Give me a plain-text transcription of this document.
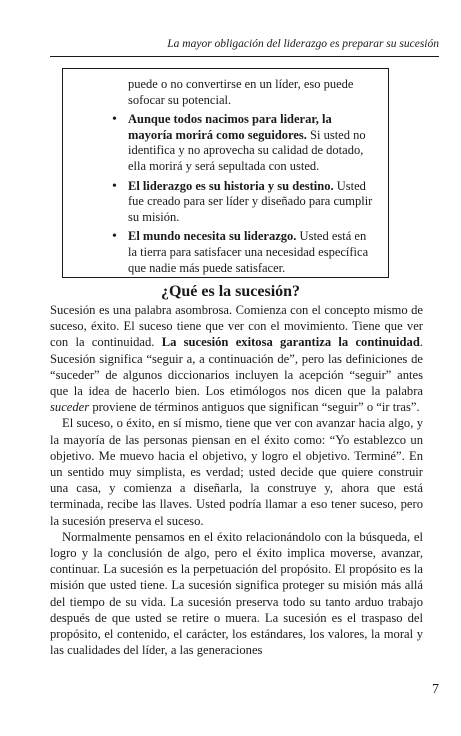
La mayor obligación del liderazgo es preparar su sucesión

puede o no convertirse en un líder, eso puede sofocar su potencial.

• Aunque todos nacimos para liderar, la mayoría morirá como seguidores. Si usted no identifica y no aprovecha su calidad de dotado, ella morirá y será sepultada con usted.
• El liderazgo es su historia y su destino. Usted fue creado para ser líder y diseñado para cumplir su misión.
• El mundo necesita su liderazgo. Usted está en la tierra para satisfacer una necesidad específica que nadie más puede satisfacer.
¿Qué es la sucesión?

Sucesión es una palabra asombrosa. Comienza con el concepto mismo de suceso, éxito. El suceso tiene que ver con el movimiento. Tiene que ver con la continuidad. La sucesión exitosa garantiza la continuidad. Sucesión significa “seguir a, a continuación de”, pero las definiciones de “suceder” de algunos diccionarios incluyen la acepción “seguir” antes que la idea de hacerlo bien. Los etimólogos nos dicen que la palabra suceder proviene de términos antiguos que significan “seguir” o “ir tras”.

El suceso, o éxito, en sí mismo, tiene que ver con avanzar hacia algo, y la mayoría de las personas piensan en el éxito como: “Yo establezco un objetivo. Me muevo hacia el objetivo, y logro el objetivo. Terminé”. En un sentido muy simplista, es verdad; usted decide que quiere construir una casa, y comienza a diseñarla, la construye y, ahora que está terminada, recibe las llaves. Usted podría llamar a eso tener suceso, pero la sucesión preserva el suceso.

Normalmente pensamos en el éxito relacionándolo con la búsqueda, el logro y la conclusión de algo, pero el éxito implica moverse, avanzar, continuar. La sucesión es la perpetuación del propósito. El propósito es la misión que usted tiene. La sucesión significa proteger su misión más allá del tiempo de su vida. La sucesión preserva todo su tanto arduo trabajo después de que usted se retire o muera. La sucesión es el traspaso del propósito, el contenido, el carácter, los estándares, los valores, la moral y las cualidades del líder, a las generaciones

7
